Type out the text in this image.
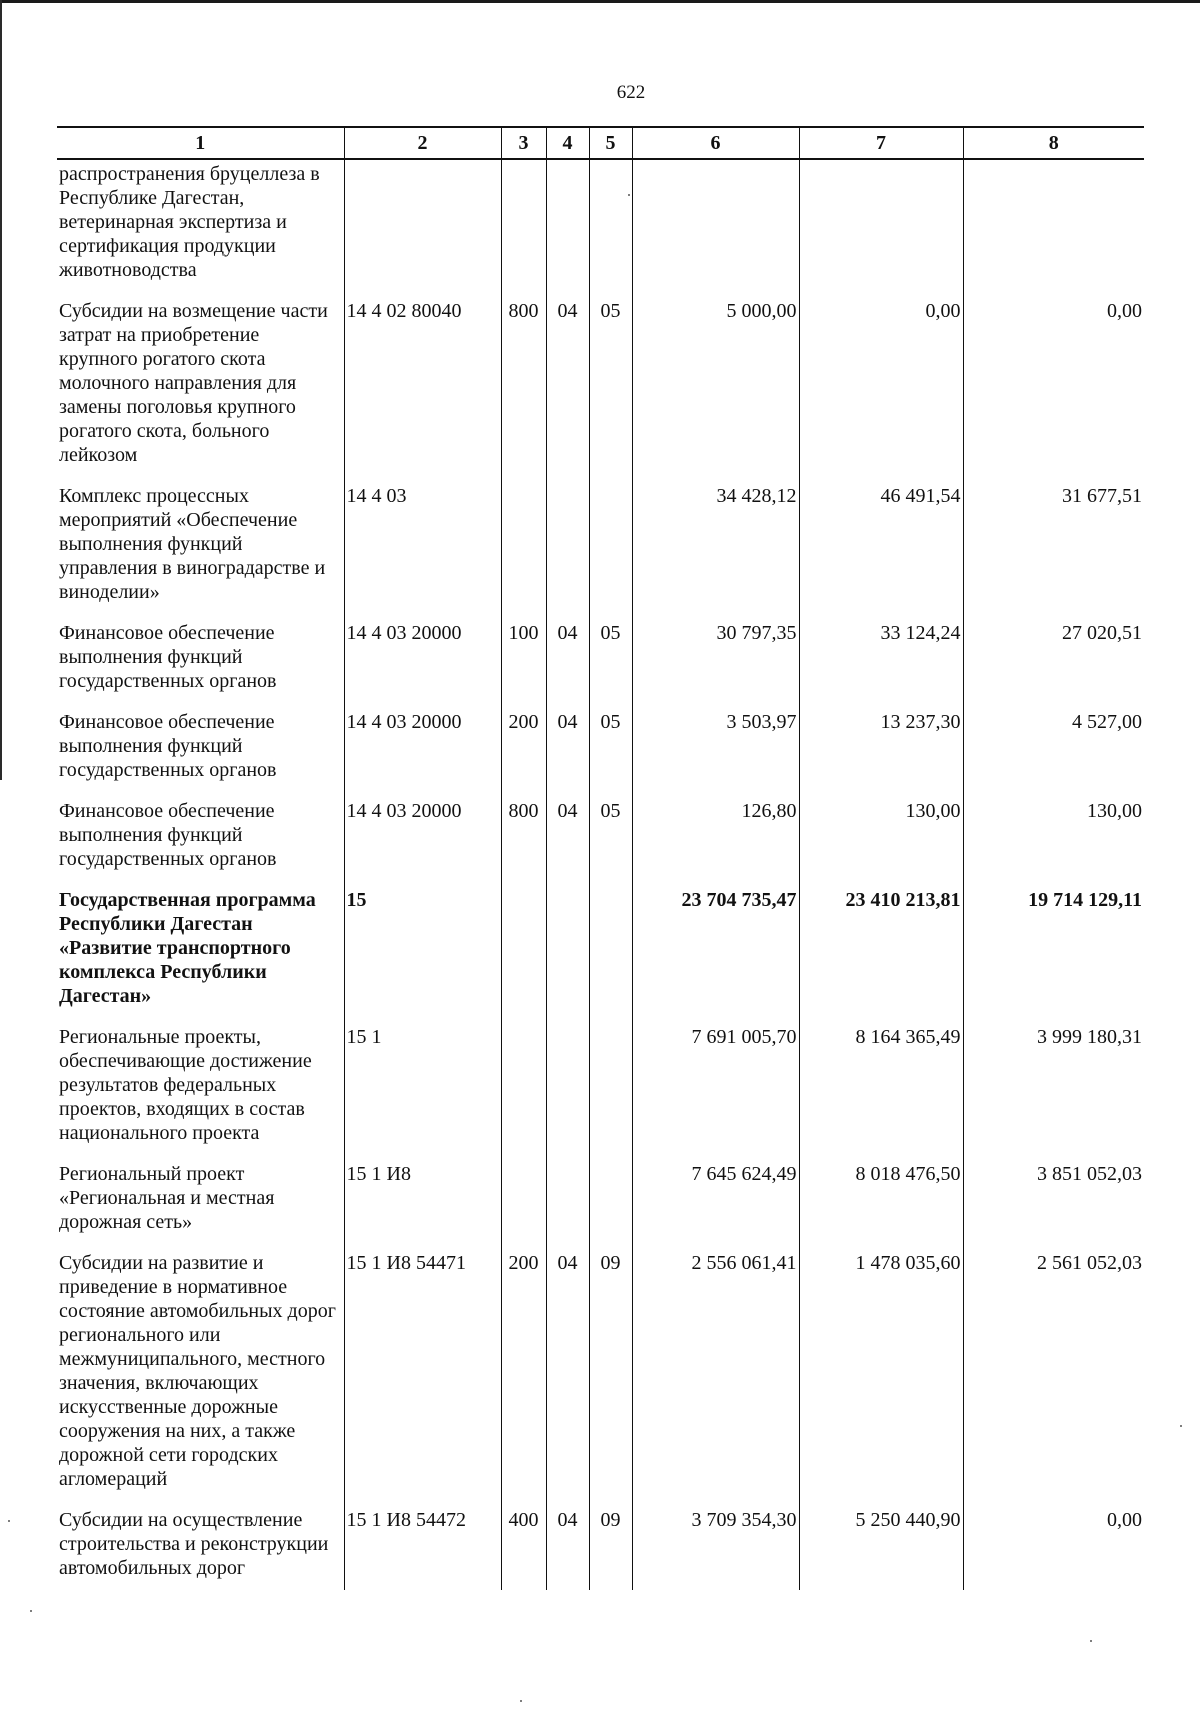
622
1	2	3	4	5	6	7	8
распространения бруцеллеза в Республике Дагестан, ветеринарная экспертиза и сертификация продукции животноводства							
Субсидии на возмещение части затрат на приобретение крупного рогатого скота молочного направления для замены поголовья крупного рогатого скота, больного лейкозом	14 4 02 80040	800	04	05	5 000,00	0,00	0,00
Комплекс процессных мероприятий «Обеспечение выполнения функций управления в виноградарстве и виноделии»	14 4 03				34 428,12	46 491,54	31 677,51
Финансовое обеспечение выполнения функций государственных органов	14 4 03 20000	100	04	05	30 797,35	33 124,24	27 020,51
Финансовое обеспечение выполнения функций государственных органов	14 4 03 20000	200	04	05	3 503,97	13 237,30	4 527,00
Финансовое обеспечение выполнения функций государственных органов	14 4 03 20000	800	04	05	126,80	130,00	130,00
Государственная программа Республики Дагестан «Развитие транспортного комплекса Республики Дагестан»	15				23 704 735,47	23 410 213,81	19 714 129,11
Региональные проекты, обеспечивающие достижение результатов федеральных проектов, входящих в состав национального проекта	15 1				7 691 005,70	8 164 365,49	3 999 180,31
Региональный проект «Региональная и местная дорожная сеть»	15 1 И8				7 645 624,49	8 018 476,50	3 851 052,03
Субсидии на развитие и приведение в нормативное состояние автомобильных дорог регионального или межмуниципального, местного значения, включающих искусственные дорожные сооружения на них, а также дорожной сети городских агломераций	15 1 И8 54471	200	04	09	2 556 061,41	1 478 035,60	2 561 052,03
Субсидии на осуществление строительства и реконструкции автомобильных дорог	15 1 И8 54472	400	04	09	3 709 354,30	5 250 440,90	0,00
